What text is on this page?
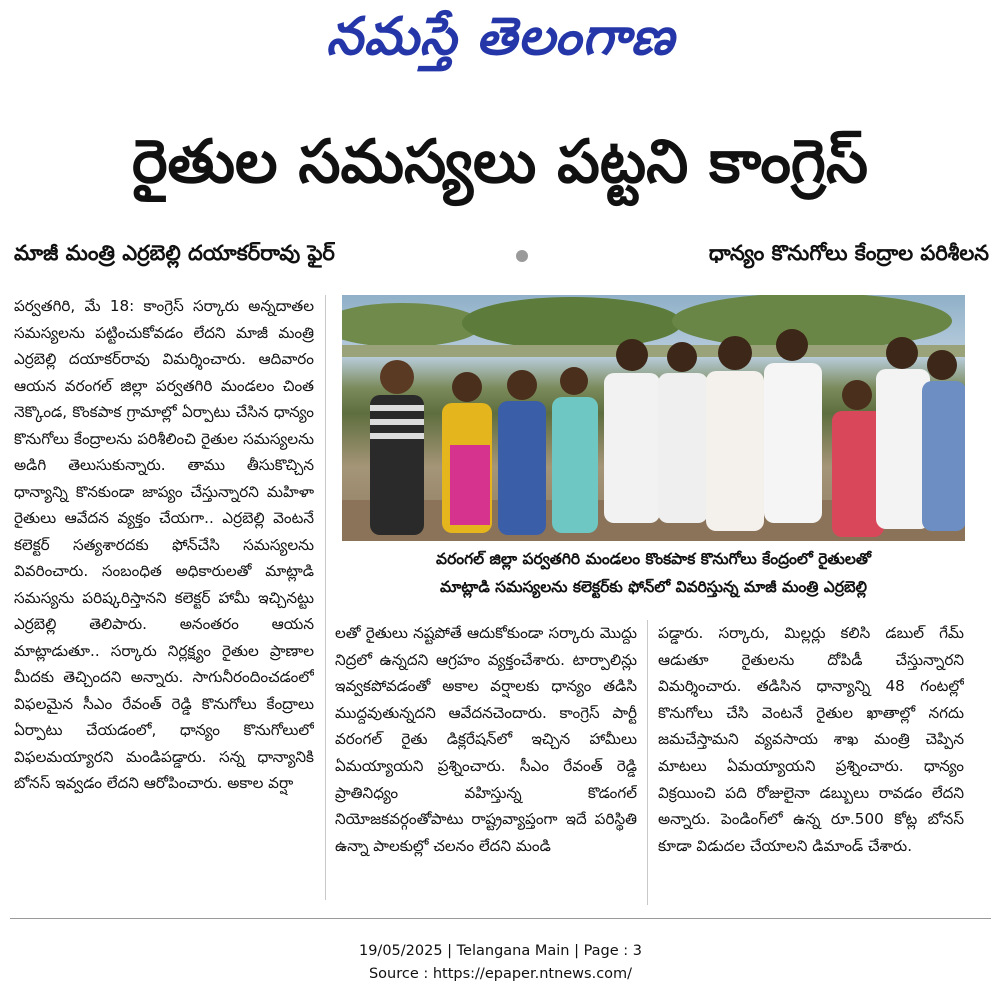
నమస్తే తెలంగాణ
రైతుల సమస్యలు పట్టని కాంగ్రెస్
మాజీ మంత్రి ఎర్రబెల్లి దయాకర్‌రావు ఫైర్	ధాన్యం కొనుగోలు కేంద్రాల పరిశీలన

పర్వతగిరి, మే 18: కాంగ్రెస్ సర్కారు అన్నదాతల సమస్యలను పట్టించుకోవడం లేదని మాజీ మంత్రి ఎర్రబెల్లి దయాకర్‌రావు విమర్శించారు. ఆదివారం ఆయన వరంగల్ జిల్లా పర్వతగిరి మండలం చింత నెక్కొండ, కొంకపాక గ్రామాల్లో ఏర్పాటు చేసిన ధాన్యం కొనుగోలు కేంద్రాలను పరిశీలించి రైతుల సమస్యలను అడిగి తెలుసుకున్నారు. తాము తీసుకొచ్చిన ధాన్యాన్ని కొనకుండా జాప్యం చేస్తున్నారని మహిళా రైతులు ఆవేదన వ్యక్తం చేయగా.. ఎర్రబెల్లి వెంటనే కలెక్టర్ సత్యశారదకు ఫోన్‌చేసి సమస్యలను వివరించారు. సంబంధిత అధికారులతో మాట్లాడి సమస్యను పరిష్కరిస్తానని కలెక్టర్ హామీ ఇచ్చినట్టు ఎర్రబెల్లి తెలిపారు. అనంతరం ఆయన మాట్లాడుతూ.. సర్కారు నిర్లక్ష్యం రైతుల ప్రాణాల మీదకు తెచ్చిందని అన్నారు. సాగునీరందించడంలో విఫలమైన సీఎం రేవంత్ రెడ్డి కొనుగోలు కేంద్రాలు ఏర్పాటు చేయడంలో, ధాన్యం కొనుగోలులో విఫలమయ్యారని మండిపడ్డారు. సన్న ధాన్యానికి బోనస్ ఇవ్వడం లేదని ఆరోపించారు. అకాల వర్షా

వరంగల్ జిల్లా పర్వతగిరి మండలం కొంకపాక కొనుగోలు కేంద్రంలో రైతులతో
మాట్లాడి సమస్యలను కలెక్టర్‌కు ఫోన్‌లో వివరిస్తున్న మాజీ మంత్రి ఎర్రబెల్లి

లతో రైతులు నష్టపోతే ఆదుకోకుండా సర్కారు మొద్దు నిద్రలో ఉన్నదని ఆగ్రహం వ్యక్తంచేశారు. టార్పాలిన్లు ఇవ్వకపోవడంతో అకాల వర్షాలకు ధాన్యం తడిసి ముద్దవుతున్నదని ఆవేదనచెందారు. కాంగ్రెస్ పార్టీ వరంగల్ రైతు డిక్లరేషన్‌లో ఇచ్చిన హామీలు ఏమయ్యాయని ప్రశ్నించారు. సీఎం రేవంత్ రెడ్డి ప్రాతినిధ్యం వహిస్తున్న కొడంగల్ నియోజకవర్గంతోపాటు రాష్ట్రవ్యాప్తంగా ఇదే పరిస్థితి ఉన్నా పాలకుల్లో చలనం లేదని మండి

పడ్డారు. సర్కారు, మిల్లర్లు కలిసి డబుల్ గేమ్ ఆడుతూ రైతులను దోపిడీ చేస్తున్నారని విమర్శించారు. తడిసిన ధాన్యాన్ని 48 గంటల్లో కొనుగోలు చేసి వెంటనే రైతుల ఖాతాల్లో నగదు జమచేస్తామని వ్యవసాయ శాఖ మంత్రి చెప్పిన మాటలు ఏమయ్యాయని ప్రశ్నించారు. ధాన్యం విక్రయించి పది రోజులైనా డబ్బులు రావడం లేదని అన్నారు. పెండింగ్‌లో ఉన్న రూ.500 కోట్ల బోనస్ కూడా విడుదల చేయాలని డిమాండ్ చేశారు.

19/05/2025 | Telangana Main | Page : 3
Source : https://epaper.ntnews.com/
